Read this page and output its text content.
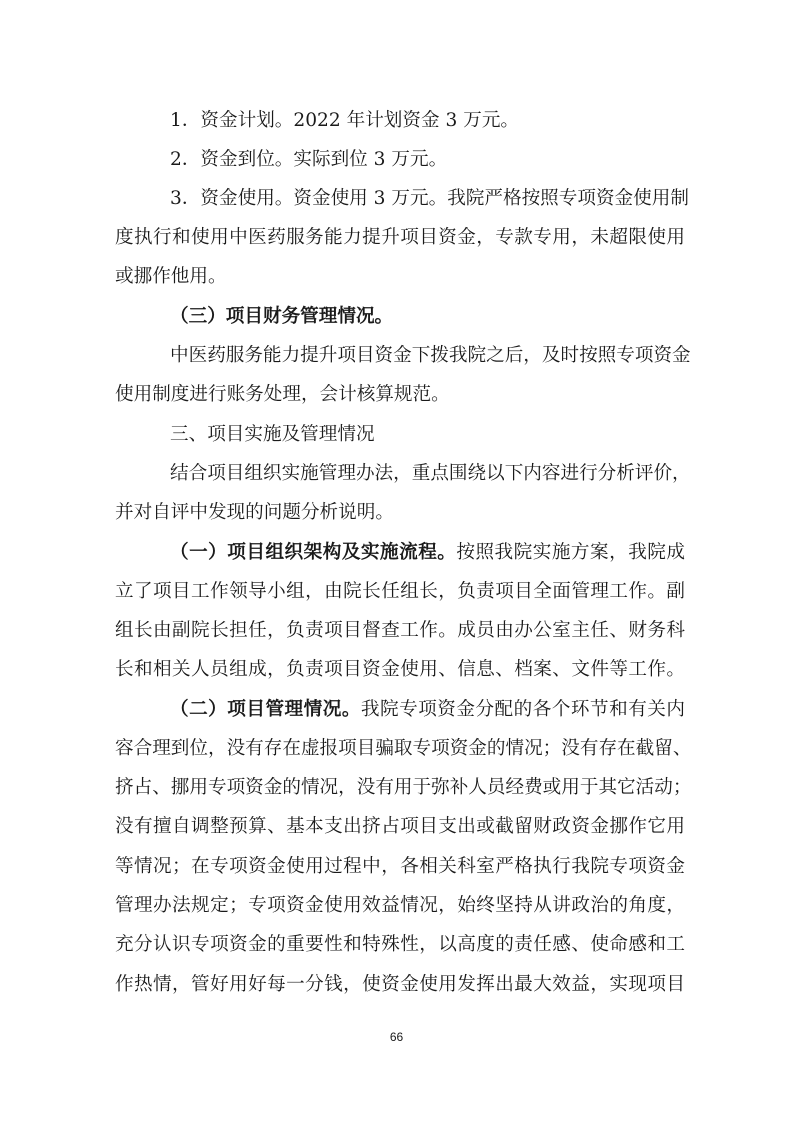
1．资金计划。2022 年计划资金 3 万元。
2．资金到位。实际到位 3 万元。
3．资金使用。资金使用 3 万元。我院严格按照专项资金使用制
度执行和使用中医药服务能力提升项目资金，专款专用，未超限使用
或挪作他用。
（三）项目财务管理情况。
中医药服务能力提升项目资金下拨我院之后，及时按照专项资金
使用制度进行账务处理，会计核算规范。
三、项目实施及管理情况
结合项目组织实施管理办法，重点围绕以下内容进行分析评价，
并对自评中发现的问题分析说明。
（一）项目组织架构及实施流程。按照我院实施方案，我院成
立了项目工作领导小组，由院长任组长，负责项目全面管理工作。副
组长由副院长担任，负责项目督查工作。成员由办公室主任、财务科
长和相关人员组成，负责项目资金使用、信息、档案、文件等工作。
（二）项目管理情况。我院专项资金分配的各个环节和有关内
容合理到位，没有存在虚报项目骗取专项资金的情况；没有存在截留、
挤占、挪用专项资金的情况，没有用于弥补人员经费或用于其它活动；
没有擅自调整预算、基本支出挤占项目支出或截留财政资金挪作它用
等情况；在专项资金使用过程中，各相关科室严格执行我院专项资金
管理办法规定；专项资金使用效益情况，始终坚持从讲政治的角度，
充分认识专项资金的重要性和特殊性，以高度的责任感、使命感和工
作热情，管好用好每一分钱，使资金使用发挥出最大效益，实现项目
66
